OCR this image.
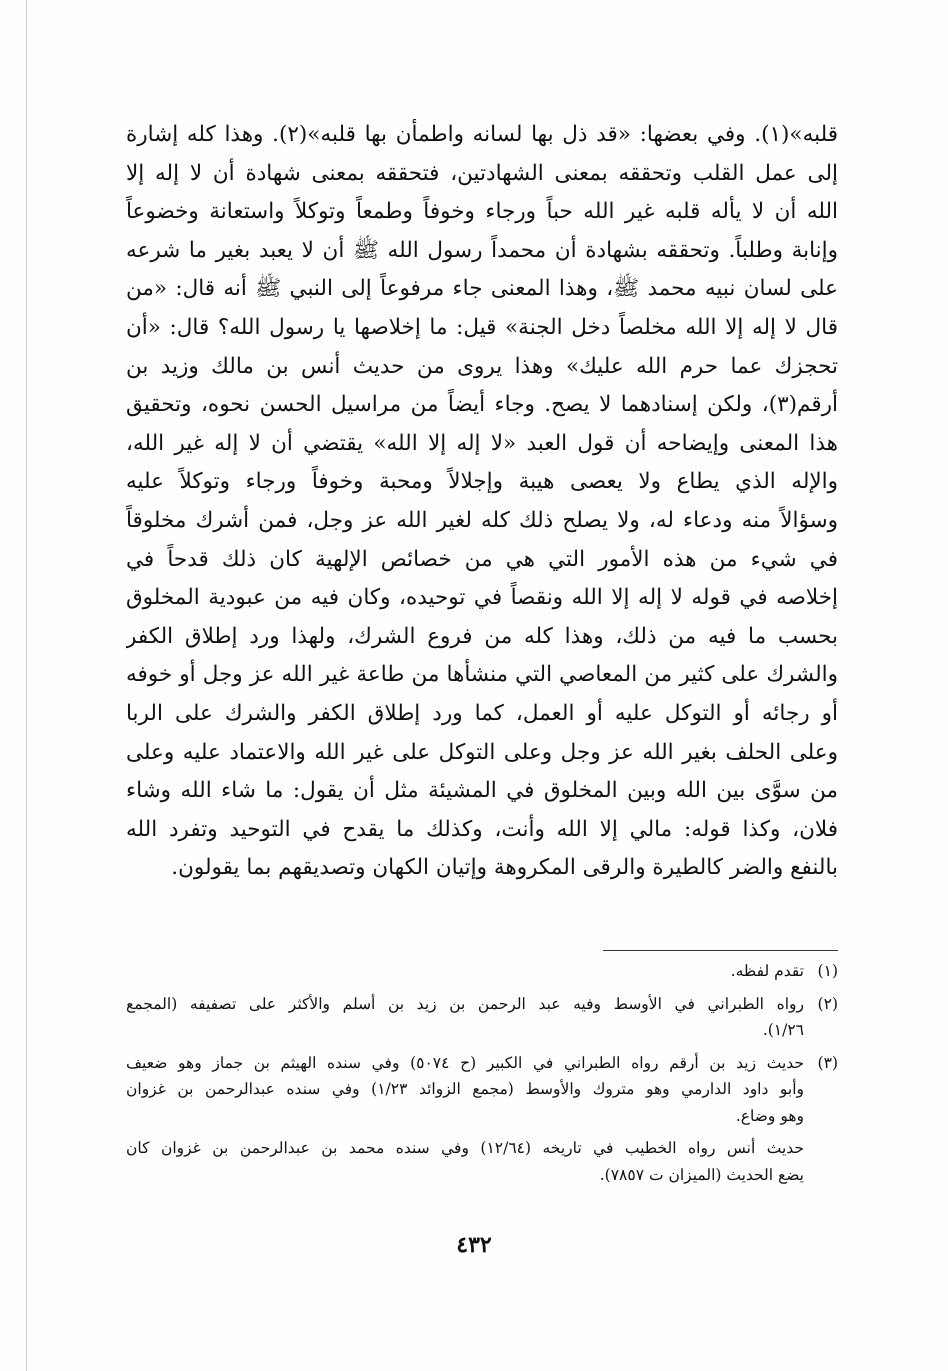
قلبه»(١). وفي بعضها: «قد ذل بها لسانه واطمأن بها قلبه»(٢). وهذا كله إشارة
إلى عمل القلب وتحققه بمعنى الشهادتين، فتحققه بمعنى شهادة أن لا إله إلا
الله أن لا يأله قلبه غير الله حباً ورجاء وخوفاً وطمعاً وتوكلاً واستعانة وخضوعاً
وإنابة وطلباً. وتحققه بشهادة أن محمداً رسول الله ﷺ أن لا يعبد بغير ما شرعه
على لسان نبيه محمد ﷺ، وهذا المعنى جاء مرفوعاً إلى النبي ﷺ أنه قال: «من
قال لا إله إلا الله مخلصاً دخل الجنة» قيل: ما إخلاصها يا رسول الله؟ قال: «أن
تحجزك عما حرم الله عليك» وهذا يروى من حديث أنس بن مالك وزيد بن
أرقم(٣)، ولكن إسنادهما لا يصح. وجاء أيضاً من مراسيل الحسن نحوه، وتحقيق
هذا المعنى وإيضاحه أن قول العبد «لا إله إلا الله» يقتضي أن لا إله غير الله،
والإله الذي يطاع ولا يعصى هيبة وإجلالاً ومحبة وخوفاً ورجاء وتوكلاً عليه
وسؤالاً منه ودعاء له، ولا يصلح ذلك كله لغير الله عز وجل، فمن أشرك مخلوقاً
في شيء من هذه الأمور التي هي من خصائص الإلهية كان ذلك قدحاً في
إخلاصه في قوله لا إله إلا الله ونقصاً في توحيده، وكان فيه من عبودية المخلوق
بحسب ما فيه من ذلك، وهذا كله من فروع الشرك، ولهذا ورد إطلاق الكفر
والشرك على كثير من المعاصي التي منشأها من طاعة غير الله عز وجل أو خوفه
أو رجائه أو التوكل عليه أو العمل، كما ورد إطلاق الكفر والشرك على الربا
وعلى الحلف بغير الله عز وجل وعلى التوكل على غير الله والاعتماد عليه وعلى
من سوَّى بين الله وبين المخلوق في المشيئة مثل أن يقول: ما شاء الله وشاء
فلان، وكذا قوله: مالي إلا الله وأنت، وكذلك ما يقدح في التوحيد وتفرد الله
بالنفع والضر كالطيرة والرقى المكروهة وإتيان الكهان وتصديقهم بما يقولون.
(١)
تقدم لفظه.
(٢)
رواه الطبراني في الأوسط وفيه عبد الرحمن بن زيد بن أسلم والأكثر على تصفيفه (المجمع
١/٢٦).
(٣)
حديث زيد بن أرقم رواه الطبراني في الكبير (ح ٥٠٧٤) وفي سنده الهيثم بن جماز وهو ضعيف
وأبو داود الدارمي وهو متروك والأوسط (مجمع الزوائد ١/٢٣) وفي سنده عبدالرحمن بن غزوان
وهو وضاع.
حديث أنس رواه الخطيب في تاريخه (١٢/٦٤) وفي سنده محمد بن عبدالرحمن بن غزوان كان
يضع الحديث (الميزان ت ٧٨٥٧).
٤٣٢
